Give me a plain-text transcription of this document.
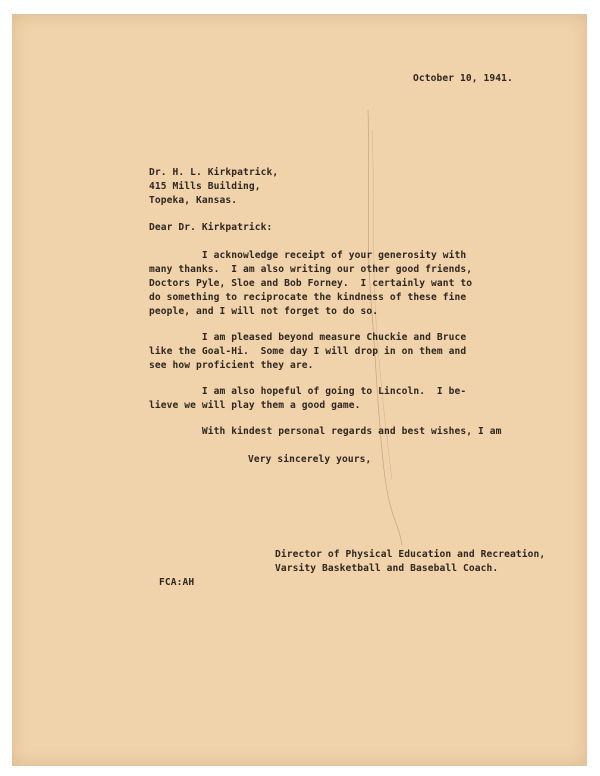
October 10, 1941.
Dr. H. L. Kirkpatrick,
415 Mills Building,
Topeka, Kansas.
Dear Dr. Kirkpatrick:
I acknowledge receipt of your generosity with
many thanks.  I am also writing our other good friends,
Doctors Pyle, Sloe and Bob Forney.  I certainly want to
do something to reciprocate the kindness of these fine
people, and I will not forget to do so.
I am pleased beyond measure Chuckie and Bruce
like the Goal-Hi.  Some day I will drop in on them and
see how proficient they are.
I am also hopeful of going to Lincoln.  I be-
lieve we will play them a good game.
With kindest personal regards and best wishes, I am
Very sincerely yours,
Director of Physical Education and Recreation,
Varsity Basketball and Baseball Coach.
FCA:AH
